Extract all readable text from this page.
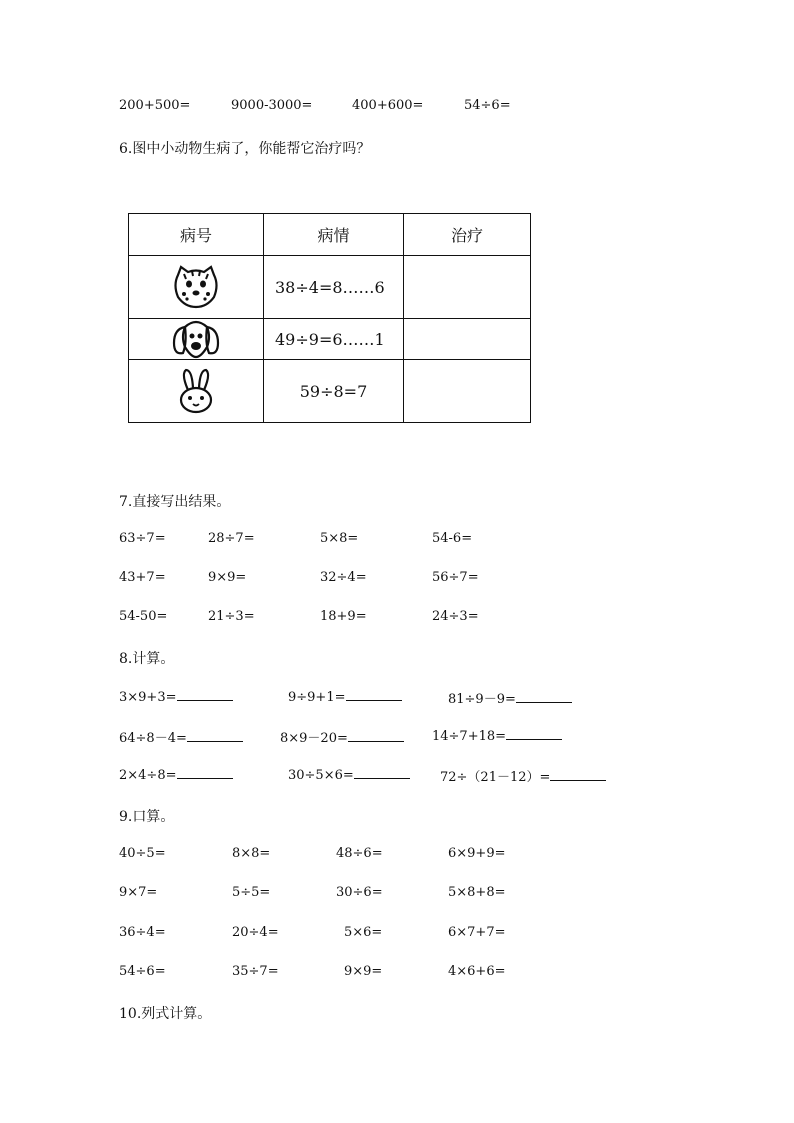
200+500=	9000-3000=	400+600=	54÷6=
6.图中小动物生病了，你能帮它治疗吗？
病号	病情	治疗

	38÷4=8……6	

	49÷9=6……1	

	59÷8=7	
7.直接写出结果。
63÷7=	28÷7=	5×8=	54-6=
43+7=	9×9=	32÷4=	56÷7=
54-50=	21÷3=	18+9=	24÷3=
8.计算。
3×9+3=	9÷9+1=	81÷9－9=
64÷8－4=	8×9－20=	14÷7+18=
2×4÷8=	30÷5×6=	72÷（21－12）=
9.口算。
40÷5=	8×8=	48÷6=	6×9+9=
9×7=	5÷5=	30÷6=	5×8+8=
36÷4=	20÷4=	5×6=	6×7+7=
54÷6=	35÷7=	9×9=	4×6+6=
10.列式计算。
